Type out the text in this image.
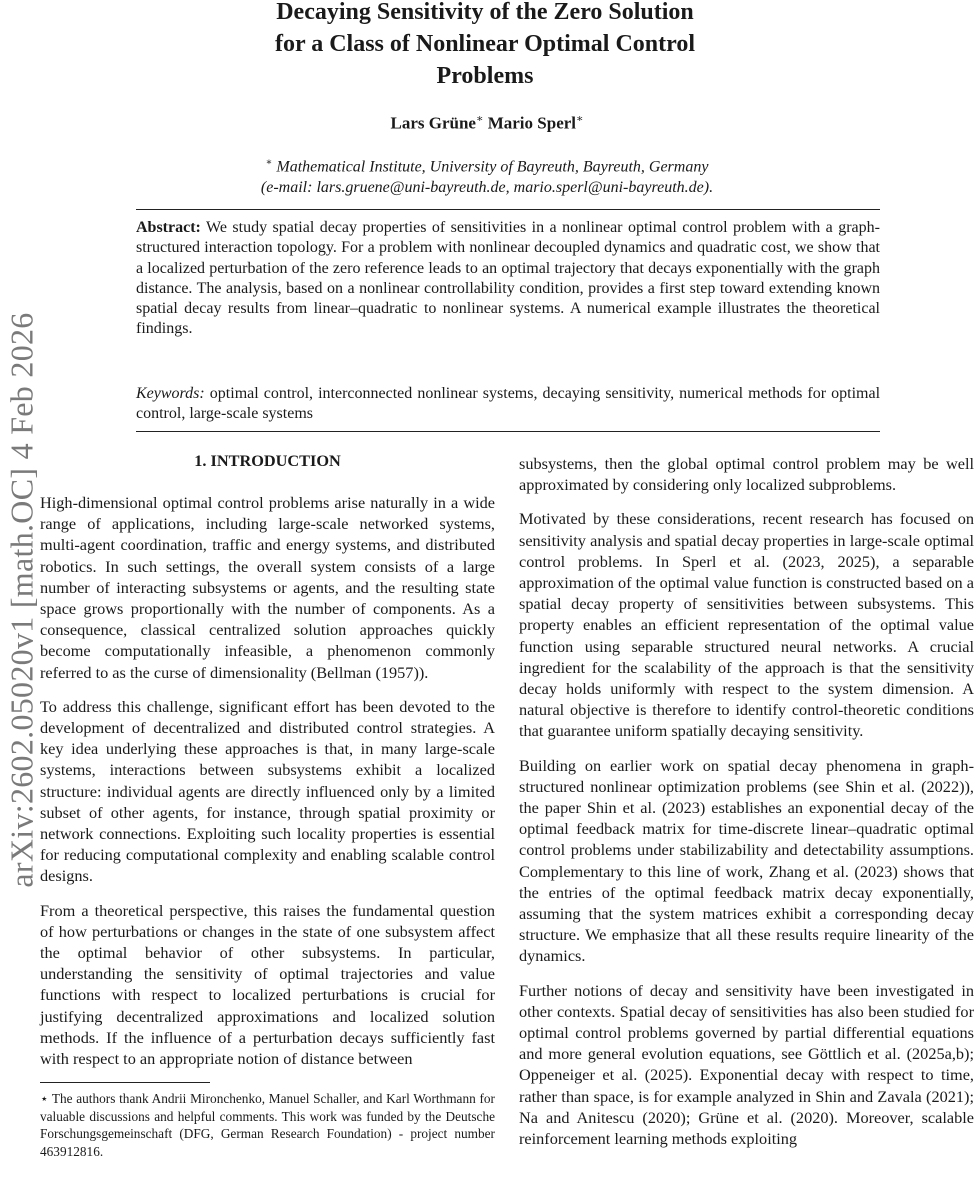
arXiv:2602.05020v1 [math.OC] 4 Feb 2026
Decaying Sensitivity of the Zero Solution
for a Class of Nonlinear Optimal Control
Problems
Lars Grüne∗ Mario Sperl∗
∗ Mathematical Institute, University of Bayreuth, Bayreuth, Germany
(e-mail: lars.gruene@uni-bayreuth.de, mario.sperl@uni-bayreuth.de).

Abstract: We study spatial decay properties of sensitivities in a nonlinear optimal control problem with a graph-structured interaction topology. For a problem with nonlinear decoupled dynamics and quadratic cost, we show that a localized perturbation of the zero reference leads to an optimal trajectory that decays exponentially with the graph distance. The analysis, based on a nonlinear controllability condition, provides a first step toward extending known spatial decay results from linear–quadratic to nonlinear systems. A numerical example illustrates the theoretical findings.

Keywords: optimal control, interconnected nonlinear systems, decaying sensitivity, numerical methods for optimal control, large-scale systems

1. INTRODUCTION

High-dimensional optimal control problems arise naturally in a wide range of applications, including large-scale networked systems, multi-agent coordination, traffic and energy systems, and distributed robotics. In such settings, the overall system consists of a large number of interacting subsystems or agents, and the resulting state space grows proportionally with the number of components. As a consequence, classical centralized solution approaches quickly become computationally infeasible, a phenomenon commonly referred to as the curse of dimensionality (Bellman (1957)).

To address this challenge, significant effort has been devoted to the development of decentralized and distributed control strategies. A key idea underlying these approaches is that, in many large-scale systems, interactions between subsystems exhibit a localized structure: individual agents are directly influenced only by a limited subset of other agents, for instance, through spatial proximity or network connections. Exploiting such locality properties is essential for reducing computational complexity and enabling scalable control designs.

From a theoretical perspective, this raises the fundamental question of how perturbations or changes in the state of one subsystem affect the optimal behavior of other subsystems. In particular, understanding the sensitivity of optimal trajectories and value functions with respect to localized perturbations is crucial for justifying decentralized approximations and localized solution methods. If the influence of a perturbation decays sufficiently fast with respect to an appropriate notion of distance between

subsystems, then the global optimal control problem may be well approximated by considering only localized subproblems.

Motivated by these considerations, recent research has focused on sensitivity analysis and spatial decay properties in large-scale optimal control problems. In Sperl et al. (2023, 2025), a separable approximation of the optimal value function is constructed based on a spatial decay property of sensitivities between subsystems. This property enables an efficient representation of the optimal value function using separable structured neural networks. A crucial ingredient for the scalability of the approach is that the sensitivity decay holds uniformly with respect to the system dimension. A natural objective is therefore to identify control-theoretic conditions that guarantee uniform spatially decaying sensitivity.

Building on earlier work on spatial decay phenomena in graph-structured nonlinear optimization problems (see Shin et al. (2022)), the paper Shin et al. (2023) establishes an exponential decay of the optimal feedback matrix for time-discrete linear–quadratic optimal control problems under stabilizability and detectability assumptions. Complementary to this line of work, Zhang et al. (2023) shows that the entries of the optimal feedback matrix decay exponentially, assuming that the system matrices exhibit a corresponding decay structure. We emphasize that all these results require linearity of the dynamics.

Further notions of decay and sensitivity have been investigated in other contexts. Spatial decay of sensitivities has also been studied for optimal control problems governed by partial differential equations and more general evolution equations, see Göttlich et al. (2025a,b); Oppeneiger et al. (2025). Exponential decay with respect to time, rather than space, is for example analyzed in Shin and Zavala (2021); Na and Anitescu (2020); Grüne et al. (2020). Moreover, scalable reinforcement learning methods exploiting

⋆ The authors thank Andrii Mironchenko, Manuel Schaller, and Karl Worthmann for valuable discussions and helpful comments. This work was funded by the Deutsche Forschungsgemeinschaft (DFG, German Research Foundation) - project number 463912816.
